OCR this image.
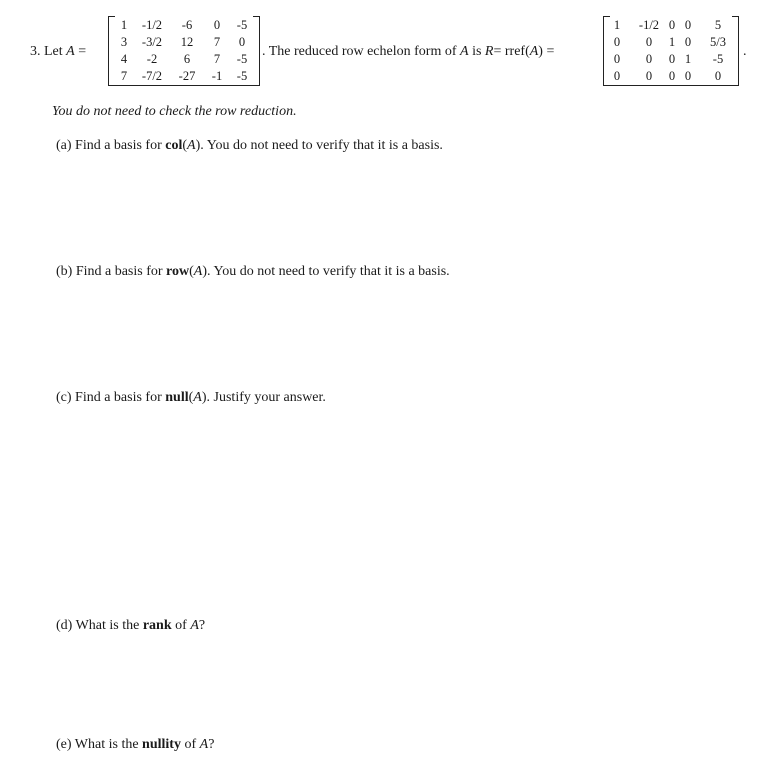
3. Let A =
1	-1/2	-6	0	-5
3	-3/2	12	7	0
4	-2	6	7	-5
7	-7/2	-27	-1	-5
. The reduced row echelon form of A is R= rref(A) =
1	-1/2	0	0	5
0	0	1	0	5/3
0	0	0	1	-5
0	0	0	0	0
.
You do not need to check the row reduction.
(a) Find a basis for col(A). You do not need to verify that it is a basis.
(b) Find a basis for row(A). You do not need to verify that it is a basis.
(c) Find a basis for null(A). Justify your answer.
(d) What is the rank of A?
(e) What is the nullity of A?
